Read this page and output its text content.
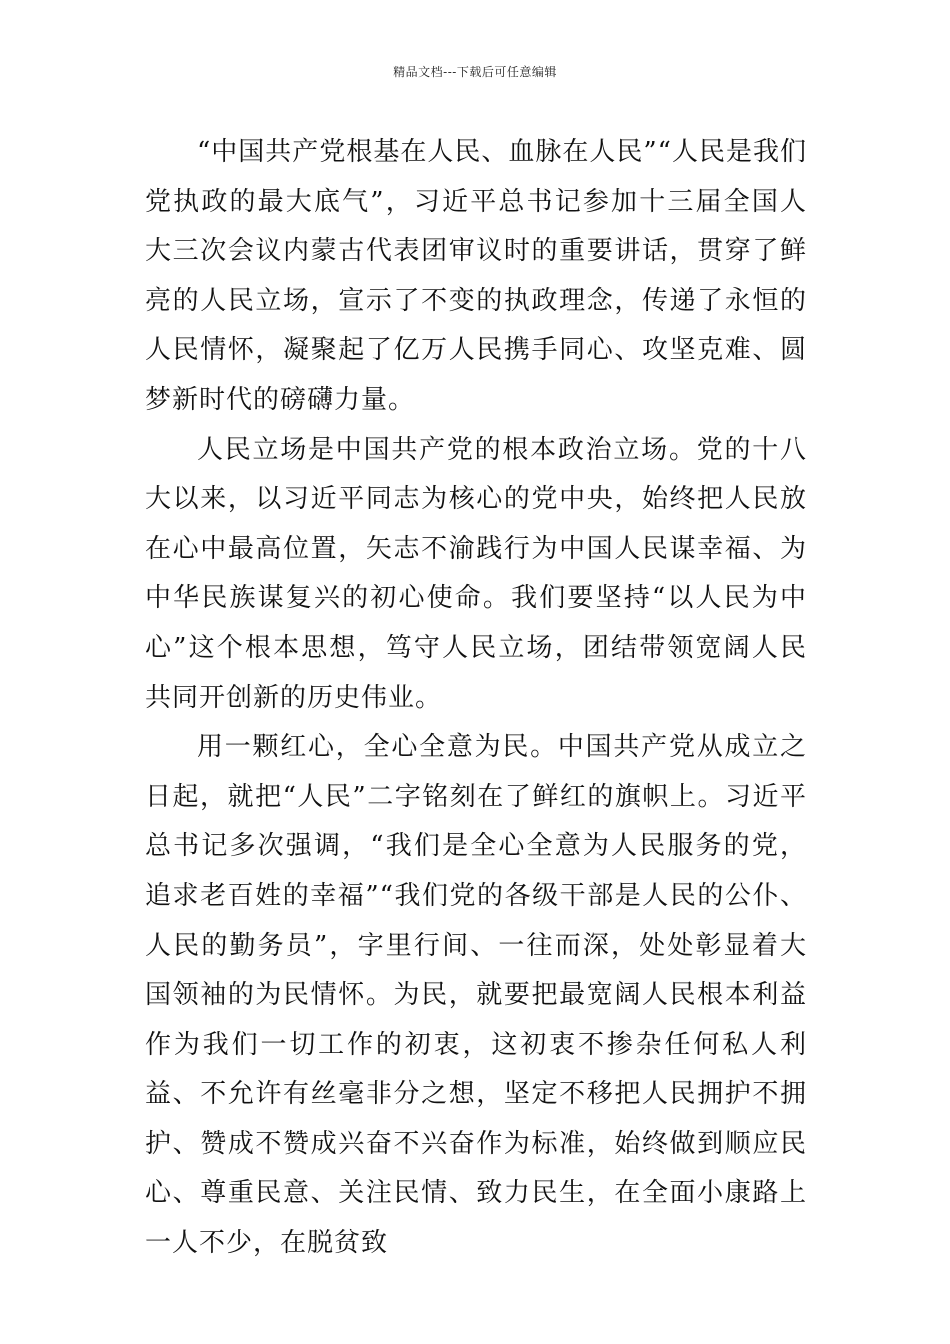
精品文档---下载后可任意编辑

“中国共产党根基在人民、血脉在人民”“人民是我们党执政的最大底气”，习近平总书记参加十三届全国人大三次会议内蒙古代表团审议时的重要讲话，贯穿了鲜亮的人民立场，宣示了不变的执政理念，传递了永恒的人民情怀，凝聚起了亿万人民携手同心、攻坚克难、圆梦新时代的磅礴力量。

人民立场是中国共产党的根本政治立场。党的十八大以来，以习近平同志为核心的党中央，始终把人民放在心中最高位置，矢志不渝践行为中国人民谋幸福、为中华民族谋复兴的初心使命。我们要坚持“以人民为中心”这个根本思想，笃守人民立场，团结带领宽阔人民共同开创新的历史伟业。

用一颗红心，全心全意为民。中国共产党从成立之日起，就把“人民”二字铭刻在了鲜红的旗帜上。习近平总书记多次强调，“我们是全心全意为人民服务的党，追求老百姓的幸福”“我们党的各级干部是人民的公仆、人民的勤务员”，字里行间、一往而深，处处彰显着大国领袖的为民情怀。为民，就要把最宽阔人民根本利益作为我们一切工作的初衷，这初衷不掺杂任何私人利益、不允许有丝毫非分之想，坚定不移把人民拥护不拥护、赞成不赞成兴奋不兴奋作为标准，始终做到顺应民心、尊重民意、关注民情、致力民生，在全面小康路上一人不少，在脱贫致
